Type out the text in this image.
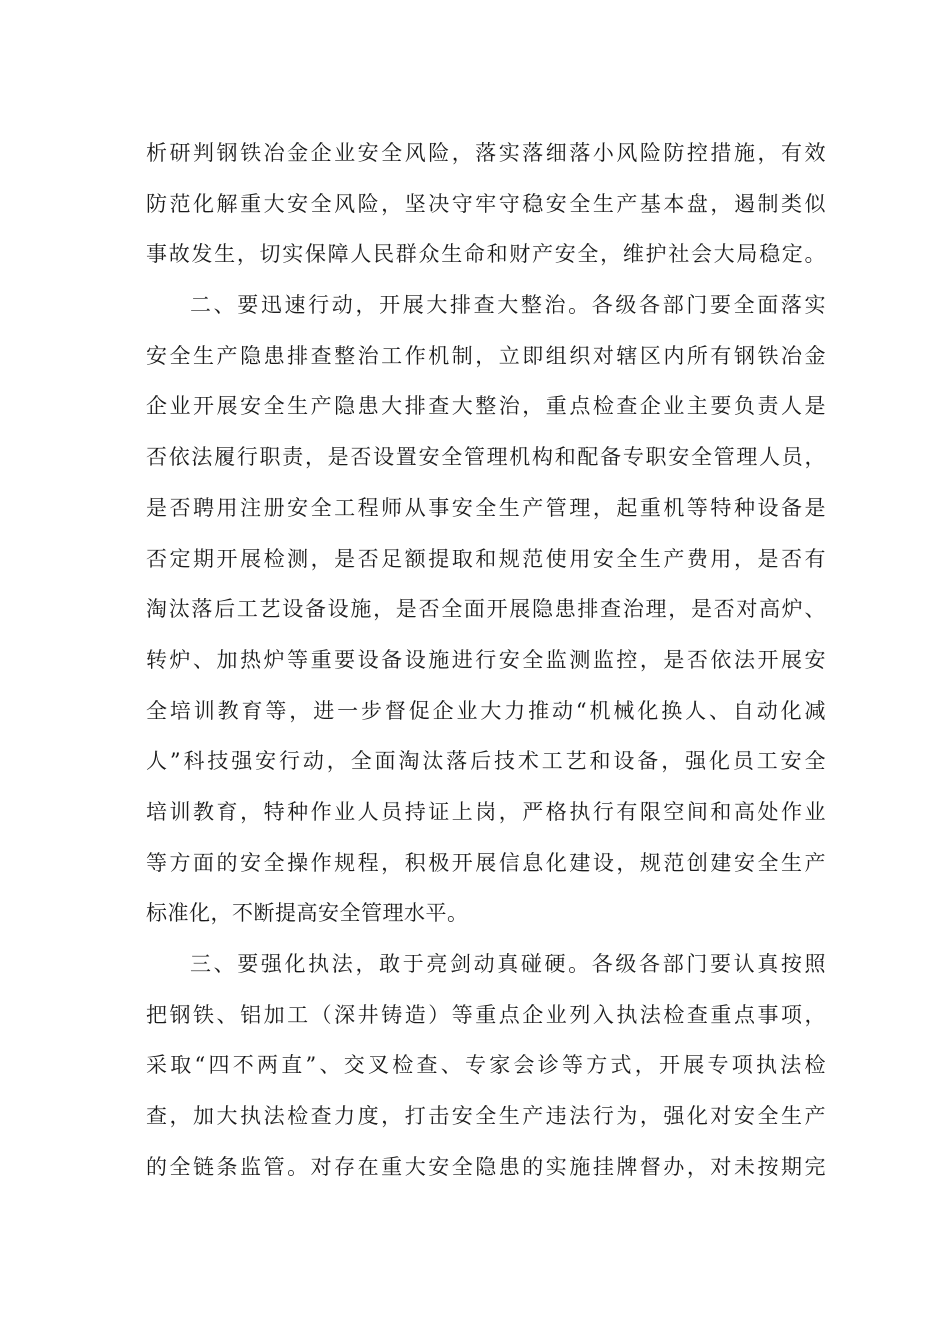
析研判钢铁冶金企业安全风险，落实落细落小风险防控措施，有效
防范化解重大安全风险，坚决守牢守稳安全生产基本盘，遏制类似
事故发生，切实保障人民群众生命和财产安全，维护社会大局稳定。
二、要迅速行动，开展大排查大整治。各级各部门要全面落实
安全生产隐患排查整治工作机制，立即组织对辖区内所有钢铁冶金
企业开展安全生产隐患大排查大整治，重点检查企业主要负责人是
否依法履行职责，是否设置安全管理机构和配备专职安全管理人员，
是否聘用注册安全工程师从事安全生产管理，起重机等特种设备是
否定期开展检测，是否足额提取和规范使用安全生产费用，是否有
淘汰落后工艺设备设施，是否全面开展隐患排查治理，是否对高炉、
转炉、加热炉等重要设备设施进行安全监测监控，是否依法开展安
全培训教育等，进一步督促企业大力推动“机械化换人、自动化减
人”科技强安行动，全面淘汰落后技术工艺和设备，强化员工安全
培训教育，特种作业人员持证上岗，严格执行有限空间和高处作业
等方面的安全操作规程，积极开展信息化建设，规范创建安全生产
标准化，不断提高安全管理水平。
三、要强化执法，敢于亮剑动真碰硬。各级各部门要认真按照
把钢铁、铝加工（深井铸造）等重点企业列入执法检查重点事项，
采取“四不两直”、交叉检查、专家会诊等方式，开展专项执法检
查，加大执法检查力度，打击安全生产违法行为，强化对安全生产
的全链条监管。对存在重大安全隐患的实施挂牌督办，对未按期完
